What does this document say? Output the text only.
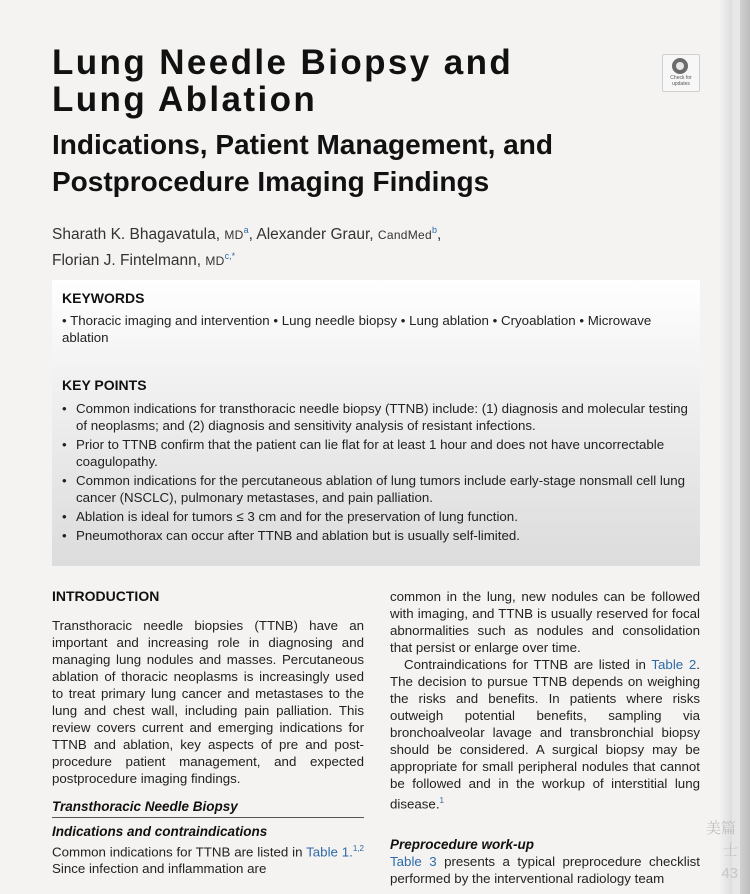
Lung Needle Biopsy and
Lung Ablation
Indications, Patient Management, and
Postprocedure Imaging Findings
Check for updates
Sharath K. Bhagavatula, $MD^a$, Alexander Graur, CandMed$^b$,
Florian J. Fintelmann, $MD^{c,*}$
KEYWORDS
• Thoracic imaging and intervention • Lung needle biopsy • Lung ablation • Cryoablation • Microwave ablation
KEY POINTS
• Common indications for transthoracic needle biopsy (TTNB) include: (1) diagnosis and molecular testing of neoplasms; and (2) diagnosis and sensitivity analysis of resistant infections.
• Prior to TTNB confirm that the patient can lie flat for at least 1 hour and does not have uncorrectable coagulopathy.
• Common indications for the percutaneous ablation of lung tumors include early-stage nonsmall cell lung cancer (NSCLC), pulmonary metastases, and pain palliation.
• Ablation is ideal for tumors ≤ 3 cm and for the preservation of lung function.
• Pneumothorax can occur after TTNB and ablation but is usually self-limited.
INTRODUCTION

Transthoracic needle biopsies (TTNB) have an important and increasing role in diagnosing and managing lung nodules and masses. Percutaneous ablation of thoracic neoplasms is increasingly used to treat primary lung cancer and metastases to the lung and chest wall, including pain palliation. This review covers current and emerging indications for TTNB and ablation, key aspects of pre and post-procedure patient management, and expected postprocedure imaging findings.

Transthoracic Needle Biopsy
Indications and contraindications

Common indications for TTNB are listed in Table 1.$^{1,2}$ Since infection and inflammation are

common in the lung, new nodules can be followed with imaging, and TTNB is usually reserved for focal abnormalities such as nodules and consolidation that persist or enlarge over time.

Contraindications for TTNB are listed in Table 2. The decision to pursue TTNB depends on weighing the risks and benefits. In patients where risks outweigh potential benefits, sampling via bronchoalveolar lavage and transbronchial biopsy should be considered. A surgical biopsy may be appropriate for small peripheral nodules that cannot be followed and in the workup of interstitial lung disease.$^1$

Preprocedure work-up

Table 3 presents a typical preprocedure checklist performed by the interventional radiology team

美篇
士
43
